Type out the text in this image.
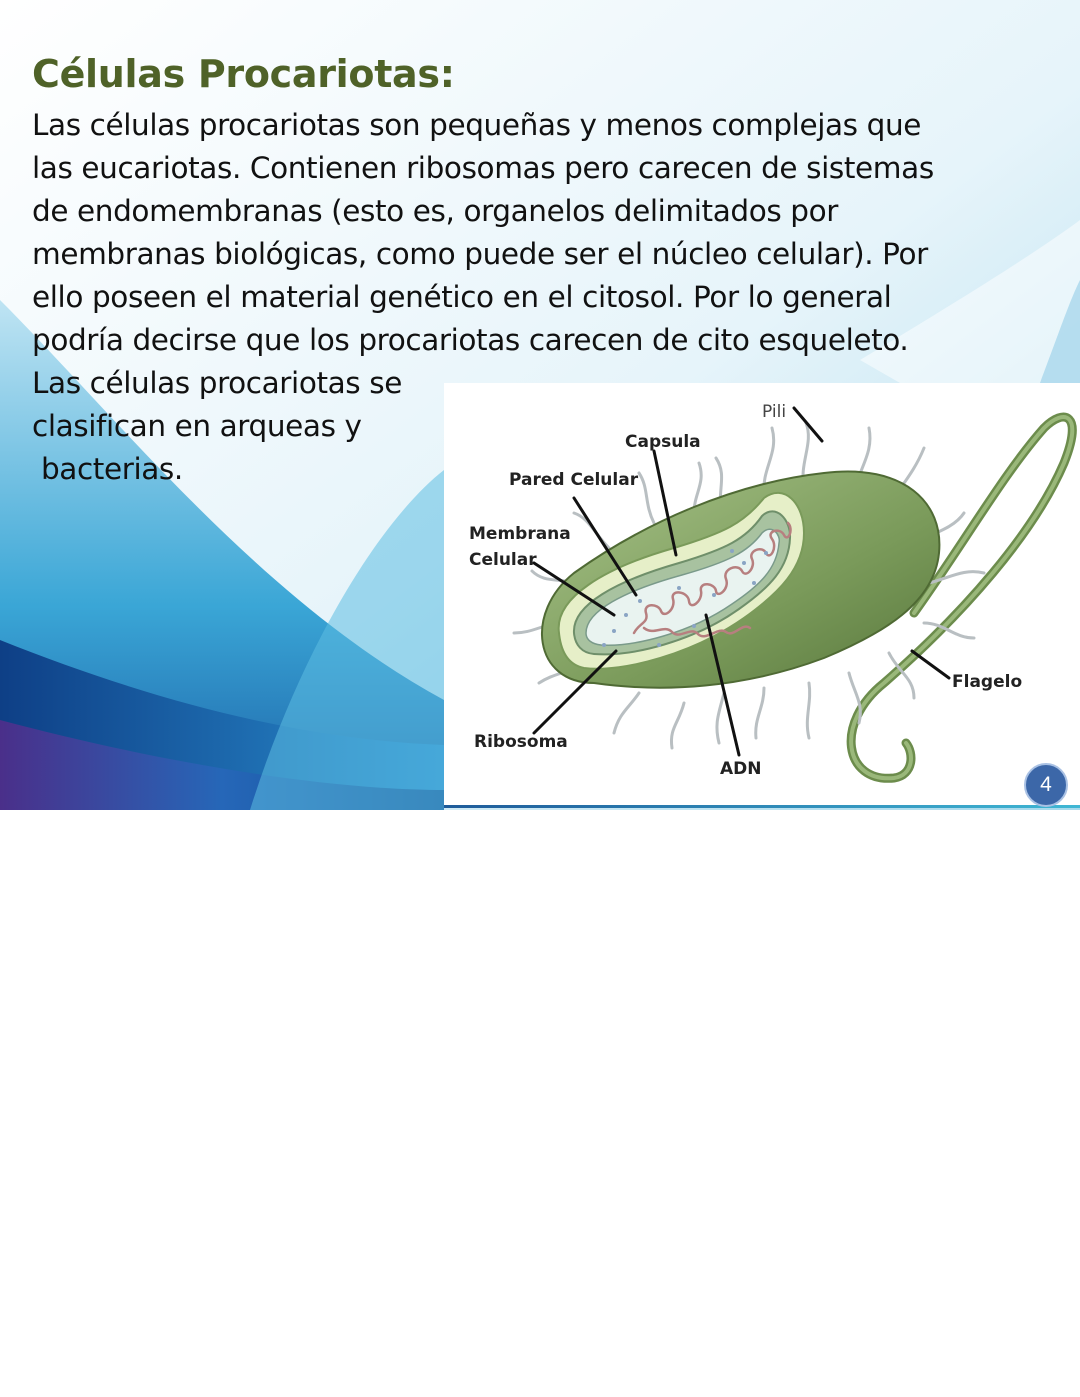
Células Procariotas:
Las células procariotas son pequeñas y menos complejas que
las eucariotas. Contienen ribosomas pero carecen de sistemas
de endomembranas (esto es, organelos delimitados por
membranas biológicas, como puede ser el núcleo celular). Por
ello poseen el material genético en el citosol. Por lo general
podría decirse que los procariotas carecen de cito esqueleto.
Las células procariotas se
clasifican en arqueas y
bacterias.
Pili
Capsula
Pared Celular
Membrana
Celular
Ribosoma
ADN
Flagelo
4
